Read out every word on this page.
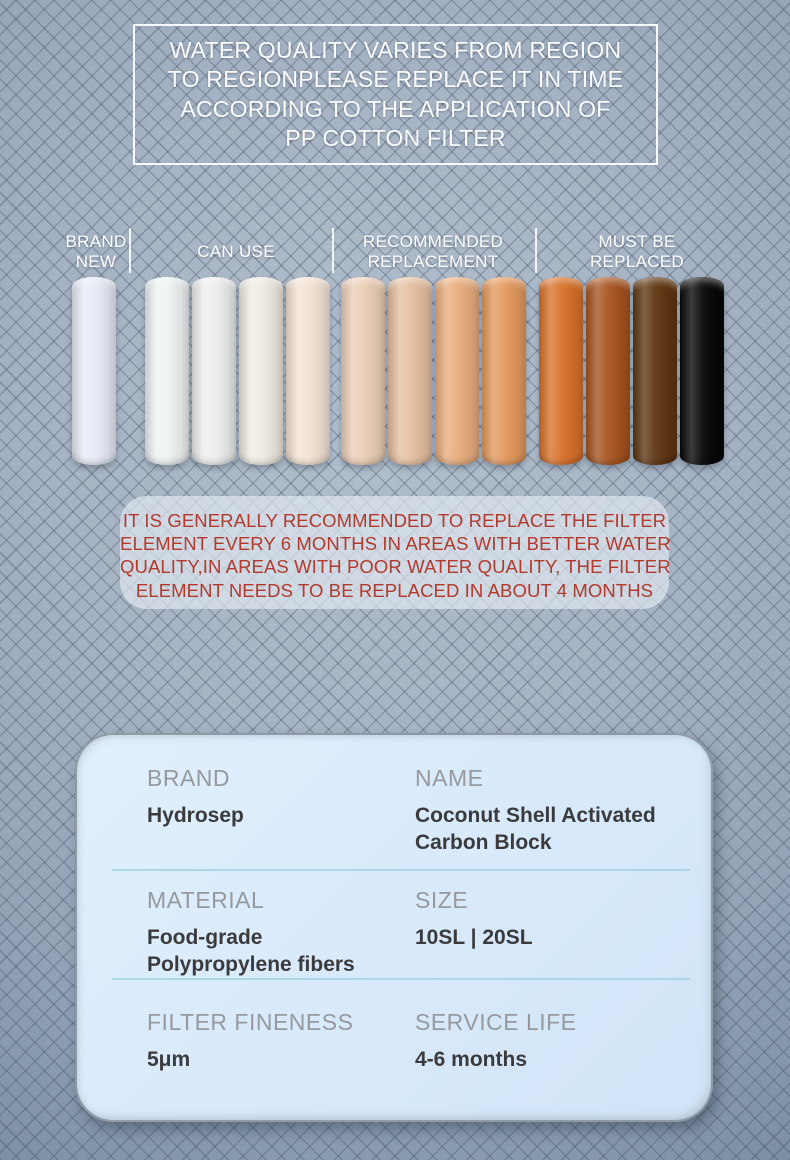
WATER QUALITY VARIES FROM REGION
TO REGIONPLEASE REPLACE IT IN TIME
ACCORDING TO THE APPLICATION OF
PP COTTON FILTER
BRAND
NEW
CAN USE
RECOMMENDED
REPLACEMENT
MUST BE
REPLACED
IT IS GENERALLY RECOMMENDED TO REPLACE THE FILTER
ELEMENT EVERY 6 MONTHS IN AREAS WITH BETTER WATER
QUALITY,IN AREAS WITH POOR WATER QUALITY, THE FILTER
ELEMENT NEEDS TO BE REPLACED IN ABOUT 4 MONTHS
BRAND
Hydrosep
NAME
Coconut Shell Activated
Carbon Block
MATERIAL
Food-grade
Polypropylene fibers
SIZE
10SL | 20SL
FILTER FINENESS
5μm
SERVICE LIFE
4-6 months
